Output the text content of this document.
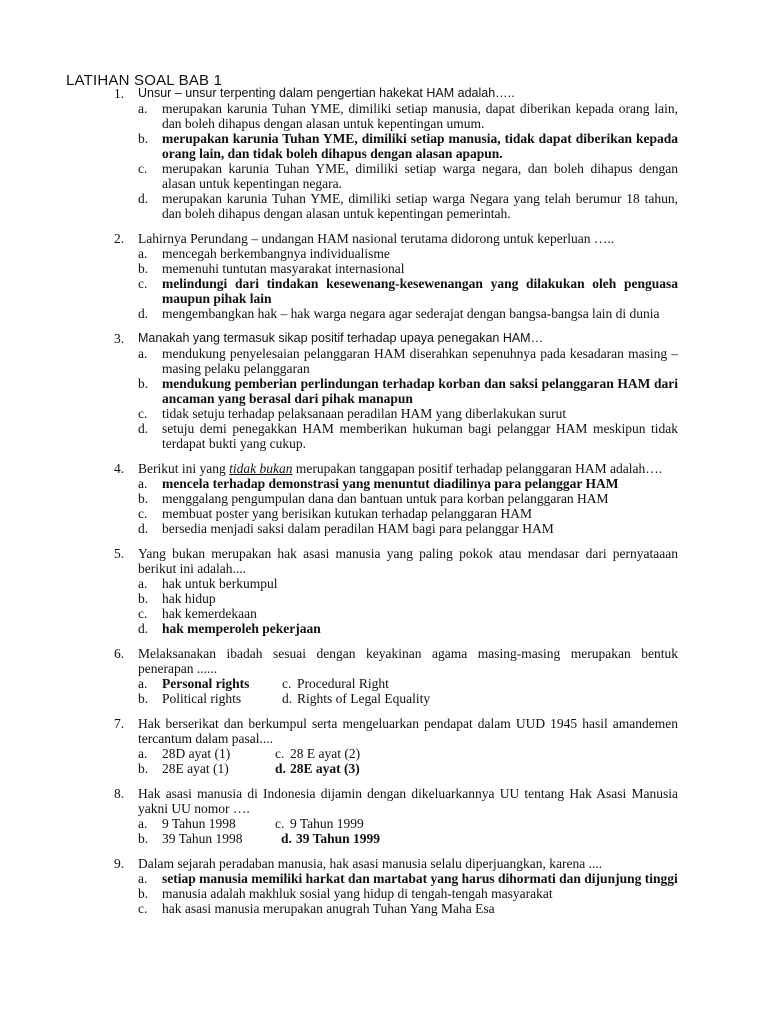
LATIHAN SOAL BAB 1
1. Unsur – unsur terpenting dalam pengertian hakekat HAM adalah…..
a. merupakan karunia Tuhan YME, dimiliki setiap manusia, dapat diberikan kepada orang lain, dan boleh dihapus dengan alasan untuk kepentingan umum.
b. merupakan karunia Tuhan YME, dimiliki setiap manusia, tidak dapat diberikan kepada orang lain, dan tidak boleh dihapus dengan alasan apapun.
c. merupakan karunia Tuhan YME, dimiliki setiap warga negara, dan boleh dihapus dengan alasan untuk kepentingan negara.
d. merupakan karunia Tuhan YME, dimiliki setiap warga Negara yang telah berumur 18 tahun, dan boleh dihapus dengan alasan untuk kepentingan pemerintah.
2. Lahirnya Perundang – undangan HAM nasional terutama didorong untuk keperluan …..
a. mencegah berkembangnya individualisme
b. memenuhi tuntutan masyarakat internasional
c. melindungi dari tindakan kesewenang-kesewenangan yang dilakukan oleh penguasa maupun pihak lain
d. mengembangkan hak – hak warga negara agar sederajat dengan bangsa-bangsa lain di dunia
3. Manakah yang termasuk sikap positif terhadap upaya penegakan HAM…
a. mendukung penyelesaian pelanggaran HAM diserahkan sepenuhnya pada kesadaran masing – masing pelaku pelanggaran
b. mendukung pemberian perlindungan terhadap korban dan saksi pelanggaran HAM dari ancaman yang berasal dari pihak manapun
c. tidak setuju terhadap pelaksanaan peradilan HAM yang diberlakukan surut
d. setuju demi penegakkan HAM memberikan hukuman bagi pelanggar HAM meskipun tidak terdapat bukti yang cukup.
4. Berikut ini yang tidak bukan merupakan tanggapan positif terhadap pelanggaran HAM adalah….
a. mencela terhadap demonstrasi yang menuntut diadilinya para pelanggar HAM
b. menggalang pengumpulan dana dan bantuan untuk para korban pelanggaran HAM
c. membuat poster yang berisikan kutukan terhadap pelanggaran HAM
d. bersedia menjadi saksi dalam peradilan HAM bagi para pelanggar HAM
5. Yang bukan merupakan hak asasi manusia yang paling pokok atau mendasar dari pernyataaan berikut ini adalah....
a. hak untuk berkumpul
b. hak hidup
c. hak kemerdekaan
d. hak memperoleh pekerjaan
6. Melaksanakan ibadah sesuai dengan keyakinan agama masing-masing merupakan bentuk penerapan ......
a. Personal rights c. Procedural Right
b. Political rights	d. Rights of Legal Equality
7. Hak berserikat dan berkumpul serta mengeluarkan pendapat dalam UUD 1945 hasil amandemen tercantum dalam pasal....
a. 28D ayat (1)	c. 28 E ayat (2)
b. 28E ayat (1)	d. 28E ayat (3)
8. Hak asasi manusia di Indonesia dijamin dengan dikeluarkannya UU tentang Hak Asasi Manusia yakni UU nomor ….
a. 9 Tahun 1998	c. 9 Tahun 1999
b. 39 Tahun 1998	d. 39 Tahun 1999
9. Dalam sejarah peradaban manusia, hak asasi manusia selalu diperjuangkan, karena ....
a. setiap manusia memiliki harkat dan martabat yang harus dihormati dan dijunjung tinggi
b. manusia adalah makhluk sosial yang hidup di tengah-tengah masyarakat
c. hak asasi manusia merupakan anugrah Tuhan Yang Maha Esa
